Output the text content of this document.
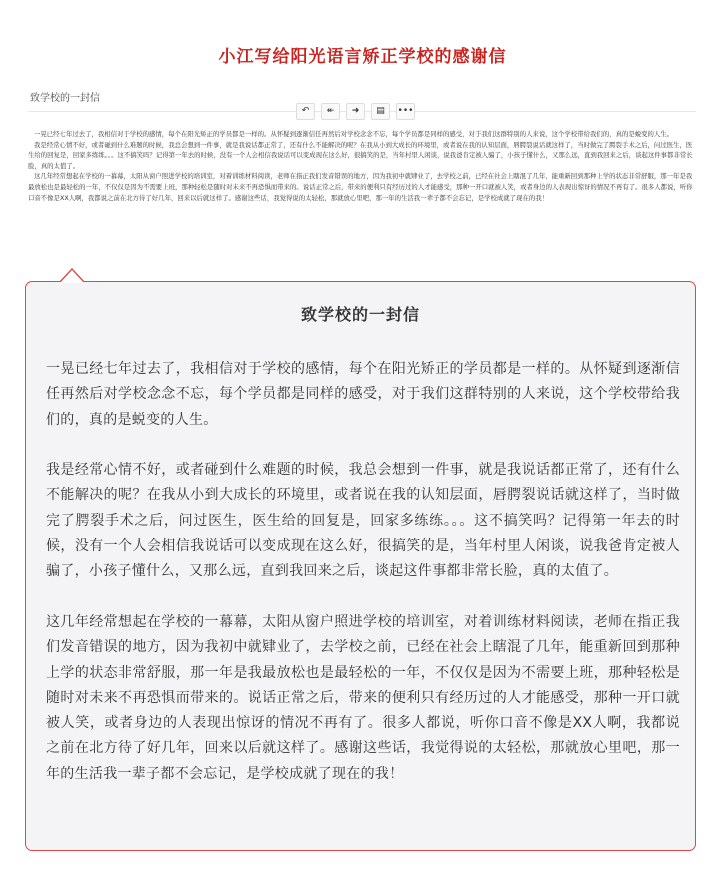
小江写给阳光语言矫正学校的感谢信
致学校的一封信
↶	↞	➜	▤	•••

一晃已经七年过去了，我相信对于学校的感情，每个在阳光矫正的学员都是一样的。从怀疑到逐渐信任再然后对学校念念不忘，每个学员都是同样的感受，对于我们这群特别的人来说，这个学校带给我们的，真的是蜕变的人生。

我是经常心情不好，或者碰到什么难题的时候，我总会想到一件事，就是我说话都正常了，还有什么不能解决的呢？在我从小到大成长的环境里，或者说在我的认知层面，唇腭裂说话就这样了，当时做完了腭裂手术之后，问过医生，医生给的回复是，回家多练练。。。这不搞笑吗？记得第一年去的时候，没有一个人会相信我说话可以变成现在这么好，很搞笑的是，当年村里人闲谈，说我爸肯定被人骗了，小孩子懂什么，又那么远，直到我回来之后，谈起这件事都非常长脸，真的太值了。

这几年经常想起在学校的一幕幕，太阳从窗户照进学校的培训室，对着训练材料阅读，老师在指正我们发音错误的地方，因为我初中就肄业了，去学校之前，已经在社会上瞎混了几年，能重新回到那种上学的状态非常舒服，那一年是我最放松也是最轻松的一年，不仅仅是因为不需要上班，那种轻松是随时对未来不再恐惧而带来的。说话正常之后，带来的便利只有经历过的人才能感受，那种一开口就被人笑，或者身边的人表现出惊讶的情况不再有了。很多人都说，听你口音不像是XX人啊，我都说之前在北方待了好几年，回来以后就这样了。感谢这些话，我觉得说的太轻松，那就放心里吧，那一年的生活我一辈子都不会忘记，是学校成就了现在的我！

致学校的一封信

一晃已经七年过去了，我相信对于学校的感情，每个在阳光矫正的学员都是一样的。从怀疑到逐渐信任再然后对学校念念不忘，每个学员都是同样的感受，对于我们这群特别的人来说，这个学校带给我们的，真的是蜕变的人生。

我是经常心情不好，或者碰到什么难题的时候，我总会想到一件事，就是我说话都正常了，还有什么不能解决的呢？在我从小到大成长的环境里，或者说在我的认知层面，唇腭裂说话就这样了，当时做完了腭裂手术之后，问过医生，医生给的回复是，回家多练练。。。这不搞笑吗？记得第一年去的时候，没有一个人会相信我说话可以变成现在这么好，很搞笑的是，当年村里人闲谈，说我爸肯定被人骗了，小孩子懂什么，又那么远，直到我回来之后，谈起这件事都非常长脸，真的太值了。

这几年经常想起在学校的一幕幕，太阳从窗户照进学校的培训室，对着训练材料阅读，老师在指正我们发音错误的地方，因为我初中就肄业了，去学校之前，已经在社会上瞎混了几年，能重新回到那种上学的状态非常舒服，那一年是我最放松也是最轻松的一年，不仅仅是因为不需要上班，那种轻松是随时对未来不再恐惧而带来的。说话正常之后，带来的便利只有经历过的人才能感受，那种一开口就被人笑，或者身边的人表现出惊讶的情况不再有了。很多人都说，听你口音不像是XX人啊，我都说之前在北方待了好几年，回来以后就这样了。感谢这些话，我觉得说的太轻松，那就放心里吧，那一年的生活我一辈子都不会忘记，是学校成就了现在的我！
